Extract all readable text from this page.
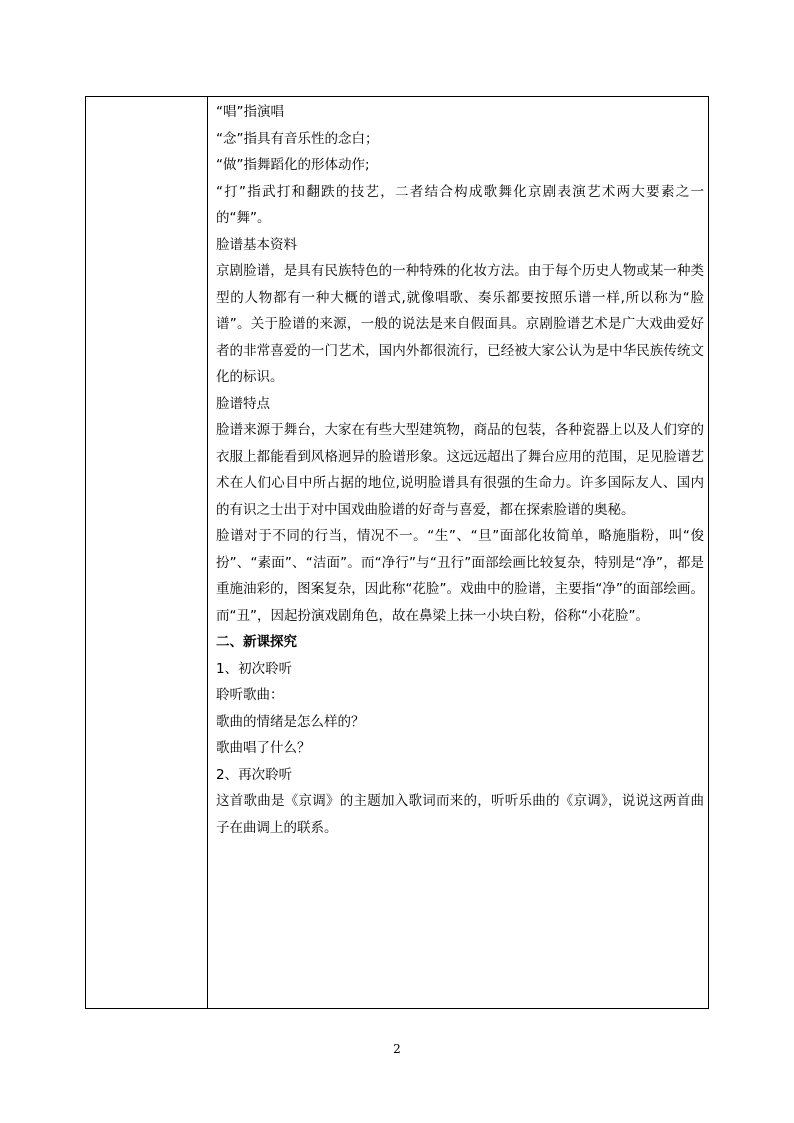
“唱”指演唱

“念”指具有音乐性的念白；

“做”指舞蹈化的形体动作;

“打”指武打和翻跌的技艺，二者结合构成歌舞化京剧表演艺术两大要素之一的“舞”。

脸谱基本资料

京剧脸谱，是具有民族特色的一种特殊的化妆方法。由于每个历史人物或某一种类型的人物都有一种大概的谱式,就像唱歌、奏乐都要按照乐谱一样,所以称为“脸谱”。关于脸谱的来源，一般的说法是来自假面具。京剧脸谱艺术是广大戏曲爱好者的非常喜爱的一门艺术，国内外都很流行，已经被大家公认为是中华民族传统文化的标识。

脸谱特点

脸谱来源于舞台，大家在有些大型建筑物，商品的包装，各种瓷器上以及人们穿的衣服上都能看到风格迥异的脸谱形象。这远远超出了舞台应用的范围，足见脸谱艺术在人们心目中所占据的地位,说明脸谱具有很强的生命力。许多国际友人、国内的有识之士出于对中国戏曲脸谱的好奇与喜爱，都在探索脸谱的奥秘。

脸谱对于不同的行当，情况不一。“生”、“旦”面部化妆简单，略施脂粉，叫“俊扮”、“素面”、“洁面”。而“净行”与“丑行”面部绘画比较复杂，特别是“净”，都是重施油彩的，图案复杂，因此称“花脸”。戏曲中的脸谱，主要指“净”的面部绘画。而“丑”，因起扮演戏剧角色，故在鼻梁上抹一小块白粉，俗称“小花脸”。

二、新课探究

1、初次聆听

聆听歌曲：

歌曲的情绪是怎么样的？

歌曲唱了什么？

2、再次聆听

这首歌曲是《京调》的主题加入歌词而来的，听听乐曲的《京调》，说说这两首曲子在曲调上的联系。

2
